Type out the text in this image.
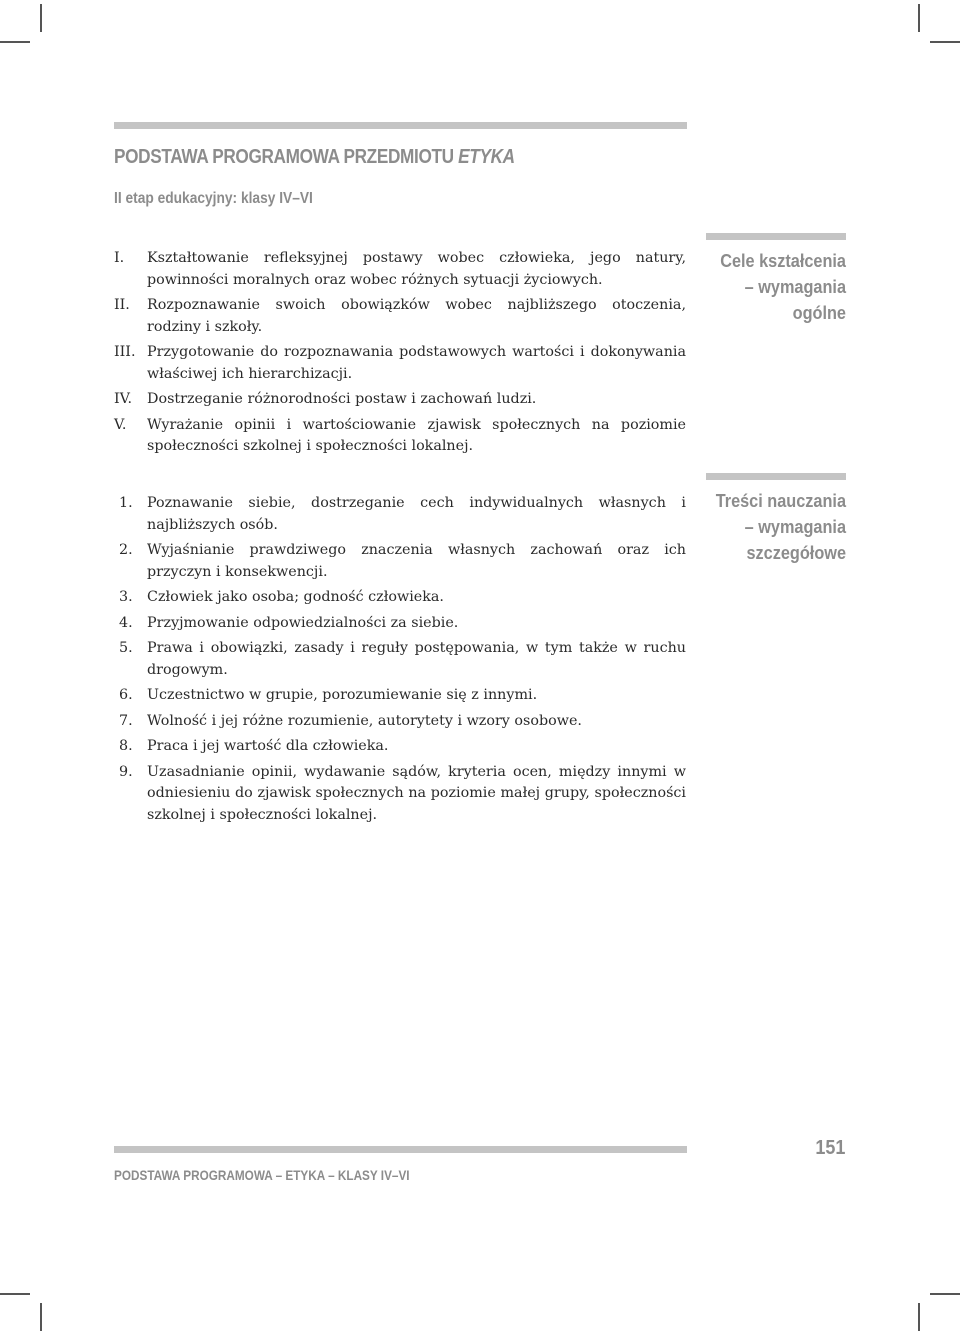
PODSTAWA PROGRAMOWA PRZEDMIOTU ETYKA
II etap edukacyjny: klasy IV–VI
Cele kształcenia
– wymagania
ogólne
I. Kształtowanie refleksyjnej postawy wobec człowieka, jego natury, powinności moralnych oraz wobec różnych sytuacji życiowych.
II. Rozpoznawanie swoich obowiązków wobec najbliższego otoczenia, rodziny i szkoły.
III. Przygotowanie do rozpoznawania podstawowych wartości i dokonywania właściwej ich hierarchizacji.
IV. Dostrzeganie różnorodności postaw i zachowań ludzi.
V. Wyrażanie opinii i wartościowanie zjawisk społecznych na poziomie społeczności szkolnej i społeczności lokalnej.
Treści nauczania
– wymagania
szczegółowe
1. Poznawanie siebie, dostrzeganie cech indywidualnych własnych i najbliższych osób.
2. Wyjaśnianie prawdziwego znaczenia własnych zachowań oraz ich przyczyn i konsekwencji.
3. Człowiek jako osoba; godność człowieka.
4. Przyjmowanie odpowiedzialności za siebie.
5. Prawa i obowiązki, zasady i reguły postępowania, w tym także w ruchu drogowym.
6. Uczestnictwo w grupie, porozumiewanie się z innymi.
7. Wolność i jej różne rozumienie, autorytety i wzory osobowe.
8. Praca i jej wartość dla człowieka.
9. Uzasadnianie opinii, wydawanie sądów, kryteria ocen, między innymi w odniesieniu do zjawisk społecznych na poziomie małej grupy, społeczności szkolnej i społeczności lokalnej.
PODSTAWA PROGRAMOWA – ETYKA – KLASY IV–VI
151
